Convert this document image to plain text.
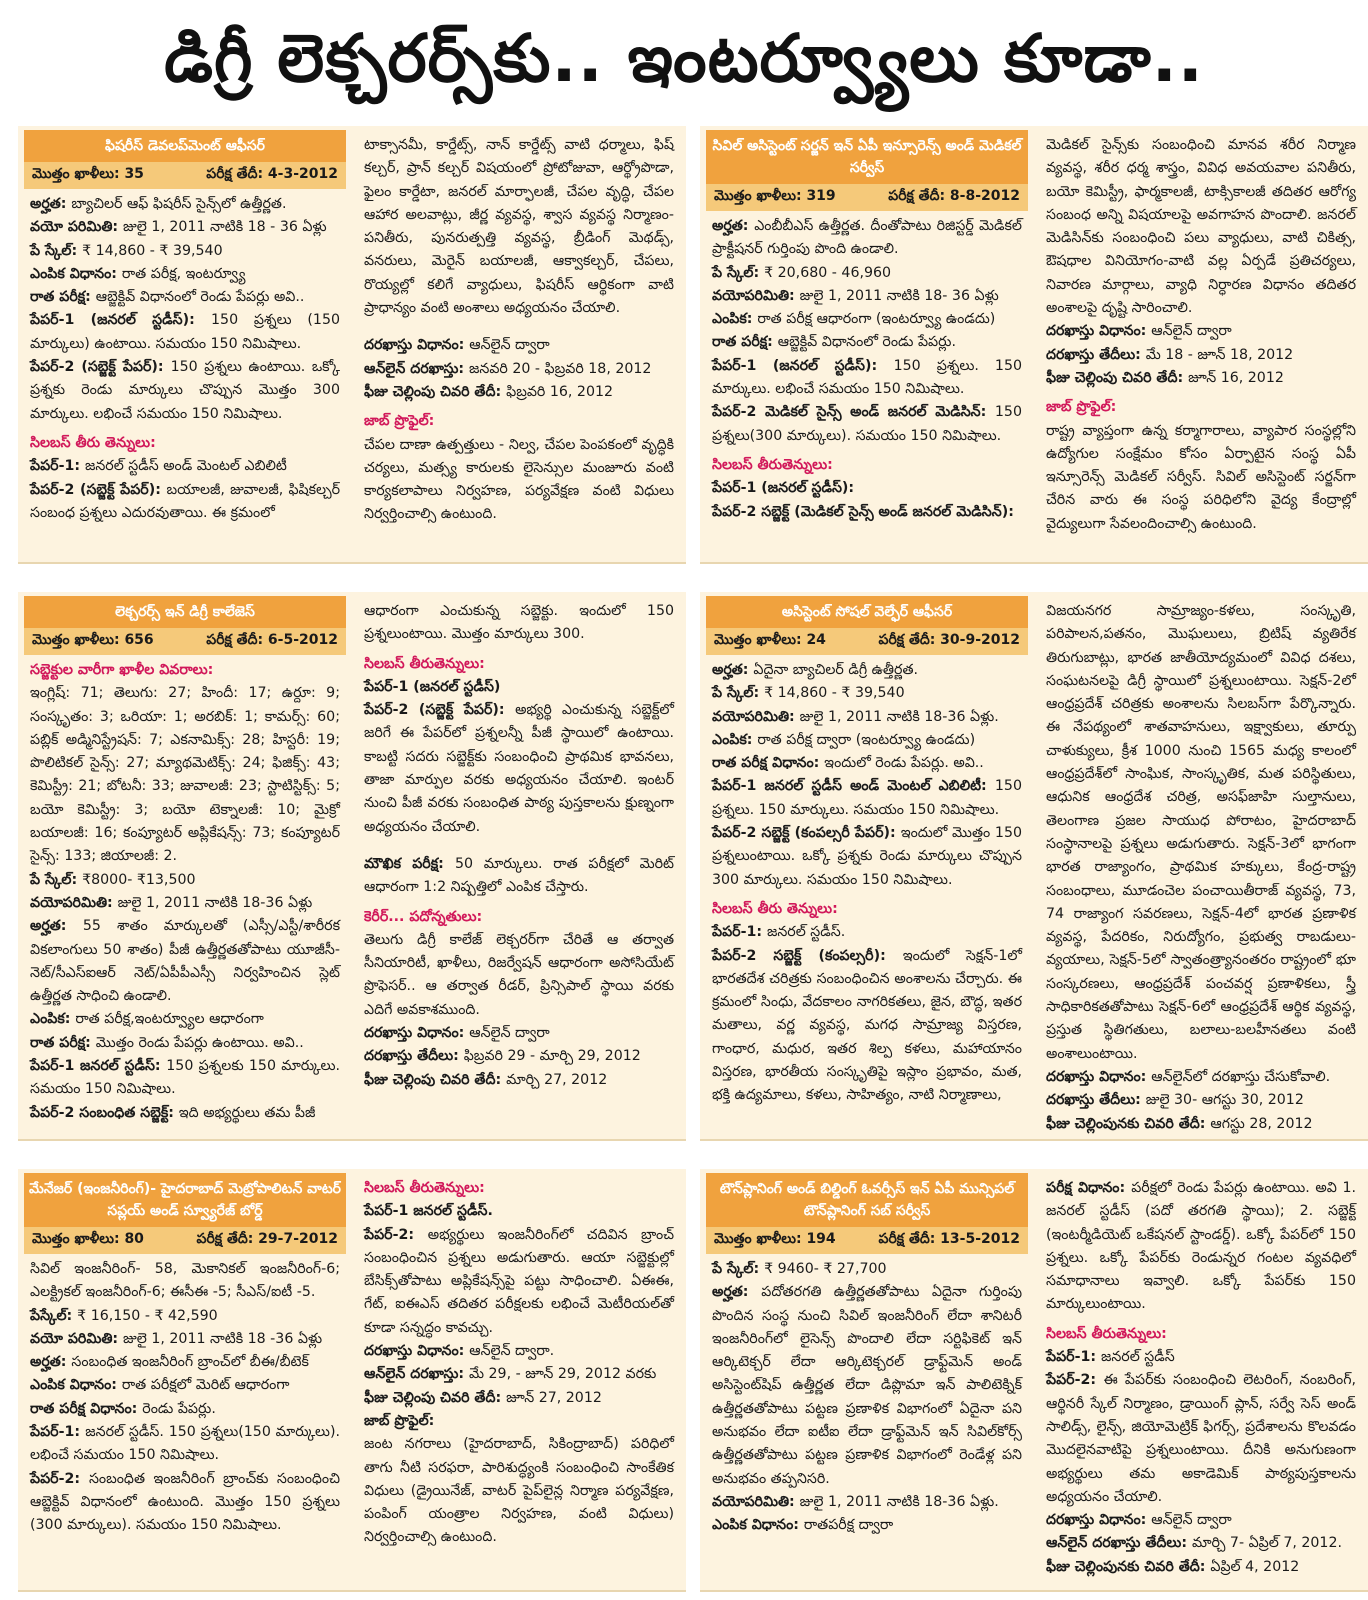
డిగ్రీ లెక్చరర్స్‌కు.. ఇంటర్వ్యూలు కూడా..
ఫిషరీస్ డెవలప్‌మెంట్ ఆఫీసర్
మొత్తం ఖాళీలు: 35	పరీక్ష తేదీ: 4-3-2012

అర్హత: బ్యాచిలర్ ఆఫ్ ఫిషరీస్ సైన్స్‌లో ఉత్తీర్ణత.

వయో పరిమితి: జులై 1, 2011 నాటికి 18 - 36 ఏళ్లు

పే స్కేల్: ₹ 14,860 - ₹ 39,540

ఎంపిక విధానం: రాత పరీక్ష, ఇంటర్వ్యూ

రాత పరీక్ష: ఆబ్జెక్టివ్ విధానంలో రెండు పేపర్లు అవి..

పేపర్-1 (జనరల్ స్టడీస్): 150 ప్రశ్నలు (150 మార్కులు) ఉంటాయి. సమయం 150 నిమిషాలు.

పేపర్-2 (సబ్జెక్ట్ పేపర్): 150 ప్రశ్నలు ఉంటాయి. ఒక్కో ప్రశ్నకు రెండు మార్కులు చొప్పున మొత్తం 300 మార్కులు. లభించే సమయం 150 నిమిషాలు.

సిలబస్ తీరు తెన్నులు:

పేపర్-1: జనరల్ స్టడీస్ అండ్ మెంటల్ ఎబిలిటీ

పేపర్-2 (సబ్జెక్ట్ పేపర్): బయాలజీ, జువాలజీ, ఫిషికల్చర్ సంబంధ ప్రశ్నలు ఎదురవుతాయి. ఈ క్రమంలో

టాక్సానమీ, కార్డేట్స్, నాన్ కార్డేట్స్ వాటి ధర్మాలు, ఫిష్ కల్చర్, ప్రాన్ కల్చర్ విషయంలో ప్రోటోజువా, ఆర్థ్రోపొడా, ఫైలం కార్డేటా, జనరల్ మార్ఫాలజీ, చేపల వృద్ధి, చేపల ఆహార అలవాట్లు, జీర్ణ వ్యవస్థ, శ్వాస వ్యవస్థ నిర్మాణం-పనితీరు, పునరుత్పత్తి వ్యవస్థ, బ్రీడింగ్ మెథడ్స్, వనరులు, మెరైన్ బయాలజీ, ఆక్వాకల్చర్, చేపలు, రొయ్యల్లో కలిగే వ్యాధులు, ఫిషరీస్ ఆర్థికంగా వాటి ప్రాధాన్యం వంటి అంశాలు అధ్యయనం చేయాలి.

దరఖాస్తు విధానం: ఆన్‌లైన్ ద్వారా

ఆన్‌లైన్ దరఖాస్తు: జనవరి 20 - ఫిబ్రవరి 18, 2012

ఫీజు చెల్లింపు చివరి తేదీ: ఫిబ్రవరి 16, 2012

జాబ్ ప్రొఫైల్:

చేపల దాణా ఉత్పత్తులు - నిల్వ, చేపల పెంపకంలో వృద్ధికి చర్యలు, మత్స్య కారులకు లైసెన్సుల మంజూరు వంటి కార్యకలాపాలు నిర్వహణ, పర్యవేక్షణ వంటి విధులు నిర్వర్తించాల్సి ఉంటుంది.

సివిల్ అసిస్టెంట్ సర్జన్ ఇన్ ఏపీ ఇన్సూరెన్స్ అండ్ మెడికల్ సర్వీస్
మొత్తం ఖాళీలు: 319	పరీక్ష తేదీ: 8-8-2012

అర్హత: ఎంబీబీఎస్ ఉత్తీర్ణత. దీంతోపాటు రిజిస్టర్డ్ మెడికల్ ప్రాక్టీషనర్ గుర్తింపు పొంది ఉండాలి.

పే స్కేల్: ₹ 20,680 - 46,960

వయోపరిమితి: జులై 1, 2011 నాటికి 18- 36 ఏళ్లు

ఎంపిక: రాత పరీక్ష ఆధారంగా (ఇంటర్వ్యూ ఉండదు)

రాత పరీక్ష: ఆబ్జెక్టివ్ విధానంలో రెండు పేపర్లు.

పేపర్-1 (జనరల్ స్టడీస్): 150 ప్రశ్నలు. 150 మార్కులు. లభించే సమయం 150 నిమిషాలు.

పేపర్-2 మెడికల్ సైన్స్ అండ్ జనరల్ మెడిసిన్: 150 ప్రశ్నలు(300 మార్కులు). సమయం 150 నిమిషాలు.

సిలబస్ తీరుతెన్నులు:

పేపర్-1 (జనరల్ స్టడీస్):

పేపర్-2 సబ్జెక్ట్ (మెడికల్ సైన్స్ అండ్ జనరల్ మెడిసిన్):

మెడికల్ సైన్స్‌కు సంబంధించి మానవ శరీర నిర్మాణ వ్యవస్థ, శరీర ధర్మ శాస్త్రం, వివిధ అవయవాల పనితీరు, బయో కెమిస్ట్రీ, ఫార్మకాలజీ, టాక్సికాలజీ తదితర ఆరోగ్య సంబంధ అన్ని విషయాలపై అవగాహన పొందాలి. జనరల్ మెడిసిన్‌కు సంబంధించి పలు వ్యాధులు, వాటి చికిత్స, ఔషధాల వినియోగం-వాటి వల్ల ఏర్పడే ప్రతిచర్యలు, నివారణ మార్గాలు, వ్యాధి నిర్ధారణ విధానం తదితర అంశాలపై దృష్టి సారించాలి.

దరఖాస్తు విధానం: ఆన్‌లైన్ ద్వారా

దరఖాస్తు తేదీలు: మే 18 - జూన్ 18, 2012

ఫీజు చెల్లింపు చివరి తేదీ: జూన్ 16, 2012

జాబ్ ప్రొఫైల్:

రాష్ట్ర వ్యాప్తంగా ఉన్న కర్మాగారాలు, వ్యాపార సంస్థల్లోని ఉద్యోగుల సంక్షేమం కోసం ఏర్పాటైన సంస్థ ఏపీ ఇన్సూరెన్స్ మెడికల్ సర్వీస్. సివిల్ అసిస్టెంట్ సర్జన్‌గా చేరిన వారు ఈ సంస్థ పరిధిలోని వైద్య కేంద్రాల్లో వైద్యులుగా సేవలందించాల్సి ఉంటుంది.

లెక్చరర్స్ ఇన్ డిగ్రీ కాలేజెస్
మొత్తం ఖాళీలు: 656	పరీక్ష తేదీ: 6-5-2012

సబ్జెక్టుల వారీగా ఖాళీల వివరాలు:

ఇంగ్లిష్: 71; తెలుగు: 27; హిందీ: 17; ఉర్దూ: 9; సంస్కృతం: 3; ఒరియా: 1; అరబిక్: 1; కామర్స్: 60; పబ్లిక్ అడ్మినిస్ట్రేషన్: 7; ఎకనామిక్స్: 28; హిస్టరీ: 19; పొలిటికల్ సైన్స్: 27; మ్యాథమెటిక్స్: 24; ఫిజిక్స్: 43; కెమిస్ట్రీ: 21; బోటనీ: 33; జువాలజీ: 23; స్టాటిస్టిక్స్: 5; బయో కెమిస్ట్రీ: 3; బయో టెక్నాలజీ: 10; మైక్రో బయాలజీ: 16; కంప్యూటర్ అప్లికేషన్స్: 73; కంప్యూటర్ సైన్స్: 133; జియాలజీ: 2.

పే స్కేల్: ₹8000- ₹13,500

వయోపరిమితి: జులై 1, 2011 నాటికి 18-36 ఏళ్లు

అర్హత: 55 శాతం మార్కులతో (ఎస్సీ/ఎస్టీ/శారీరక వికలాంగులు 50 శాతం) పీజీ ఉత్తీర్ణతతోపాటు యూజీసీ-నెట్/సీఎస్ఐఆర్ నెట్/ఏపీపీఎస్సీ నిర్వహించిన స్లెట్ ఉత్తీర్ణత సాధించి ఉండాలి.

ఎంపిక: రాత పరీక్ష,ఇంటర్వ్యూల ఆధారంగా

రాత పరీక్ష: మొత్తం రెండు పేపర్లు ఉంటాయి. అవి..

పేపర్-1 జనరల్ స్టడీస్: 150 ప్రశ్నలకు 150 మార్కులు. సమయం 150 నిమిషాలు.

పేపర్-2 సంబంధిత సబ్జెక్ట్: ఇది అభ్యర్థులు తమ పీజీ

ఆధారంగా ఎంచుకున్న సబ్జెక్టు. ఇందులో 150 ప్రశ్నలుంటాయి. మొత్తం మార్కులు 300.

సిలబస్ తీరుతెన్నులు:

పేపర్-1 (జనరల్ స్టడీస్)

పేపర్-2 (సబ్జెక్ట్ పేపర్): అభ్యర్థి ఎంచుకున్న సబ్జెక్ట్‌లో జరిగే ఈ పేపర్‌లో ప్రశ్నలన్నీ పీజీ స్థాయిలో ఉంటాయి. కాబట్టి సదరు సబ్జెక్ట్‌కు సంబంధించి ప్రాథమిక భావనలు, తాజా మార్పుల వరకు అధ్యయనం చేయాలి. ఇంటర్ నుంచి పీజీ వరకు సంబంధిత పాఠ్య పుస్తకాలను క్షుణ్నంగా అధ్యయనం చేయాలి.

మౌఖిక పరీక్ష: 50 మార్కులు. రాత పరీక్షలో మెరిట్ ఆధారంగా 1:2 నిష్పత్తిలో ఎంపిక చేస్తారు.

కెరీర్... పదోన్నతులు:

తెలుగు డిగ్రీ కాలేజ్ లెక్చరర్‌గా చేరితే ఆ తర్వాత సీనియారిటీ, ఖాళీలు, రిజర్వేషన్ ఆధారంగా అసోసియేట్ ప్రొఫెసర్.. ఆ తర్వాత రీడర్, ప్రిన్సిపాల్ స్థాయి వరకు ఎదిగే అవకాశముంది.

దరఖాస్తు విధానం: ఆన్‌లైన్ ద్వారా

దరఖాస్తు తేదీలు: ఫిబ్రవరి 29 - మార్చి 29, 2012

ఫీజు చెల్లింపు చివరి తేదీ: మార్చి 27, 2012

అసిస్టెంట్ సోషల్ వెల్ఫేర్ ఆఫీసర్
మొత్తం ఖాళీలు: 24	పరీక్ష తేదీ: 30-9-2012

అర్హత: ఏదైనా బ్యాచిలర్ డిగ్రీ ఉత్తీర్ణత.

పే స్కేల్: ₹ 14,860 - ₹ 39,540

వయోపరిమితి: జులై 1, 2011 నాటికి 18-36 ఏళ్లు.

ఎంపిక: రాత పరీక్ష ద్వారా (ఇంటర్వ్యూ ఉండదు)

రాత పరీక్ష విధానం: ఇందులో రెండు పేపర్లు. అవి..

పేపర్-1 జనరల్ స్టడీస్ అండ్ మెంటల్ ఎబిలిటీ: 150 ప్రశ్నలు. 150 మార్కులు. సమయం 150 నిమిషాలు.

పేపర్-2 సబ్జెక్ట్ (కంపల్సరీ పేపర్): ఇందులో మొత్తం 150 ప్రశ్నలుంటాయి. ఒక్కో ప్రశ్నకు రెండు మార్కులు చొప్పున 300 మార్కులు. సమయం 150 నిమిషాలు.

సిలబస్ తీరు తెన్నులు:

పేపర్-1: జనరల్ స్టడీస్.

పేపర్-2 సబ్జెక్ట్ (కంపల్సరీ): ఇందులో సెక్షన్-1లో భారతదేశ చరిత్రకు సంబంధించిన అంశాలను చేర్చారు. ఈ క్రమంలో సింధు, వేదకాలం నాగరికతలు, జైన, బౌద్ధ, ఇతర మతాలు, వర్ణ వ్యవస్థ, మగధ సామ్రాజ్య విస్తరణ, గాంధార, మధుర, ఇతర శిల్ప కళలు, మహాయానం విస్తరణ, భారతీయ సంస్కృతిపై ఇస్లాం ప్రభావం, మత, భక్తి ఉద్యమాలు, కళలు, సాహిత్యం, నాటి నిర్మాణాలు,

విజయనగర సామ్రాజ్యం-కళలు, సంస్కృతి, పరిపాలన,పతనం, మొఘలులు, బ్రిటిష్ వ్యతిరేక తిరుగుబాట్లు, భారత జాతీయోద్యమంలో వివిధ దశలు, సంఘటనలపై డిగ్రీ స్థాయిలో ప్రశ్నలుంటాయి. సెక్షన్-2లో ఆంధ్రప్రదేశ్ చరిత్రకు అంశాలను సిలబస్‌గా పేర్కొన్నారు. ఈ నేపథ్యంలో శాతవాహనులు, ఇక్ష్వాకులు, తూర్పు చాళుక్యులు, క్రీశ 1000 నుంచి 1565 మధ్య కాలంలో ఆంధ్రప్రదేశ్‌లో సాంఘిక, సాంస్కృతిక, మత పరిస్థితులు, ఆధునిక ఆంధ్రదేశ చరిత్ర, అసఫ్‌జాహి సుల్తానులు, తెలంగాణ ప్రజల సాయుధ పోరాటం, హైదరాబాద్ సంస్థానాలపై ప్రశ్నలు అడుగుతారు. సెక్షన్-3లో భాగంగా భారత రాజ్యాంగం, ప్రాథమిక హక్కులు, కేంద్ర-రాష్ట్ర సంబంధాలు, మూడంచెల పంచాయితీరాజ్ వ్యవస్థ, 73, 74 రాజ్యాంగ సవరణలు, సెక్షన్-4లో భారత ప్రణాళిక వ్యవస్థ, పేదరికం, నిరుద్యోగం, ప్రభుత్వ రాబడులు-వ్యయాలు, సెక్షన్-5లో స్వాతంత్ర్యానంతరం రాష్ట్రంలో భూ సంస్కరణలు, ఆంధ్రప్రదేశ్ పంచవర్ష ప్రణాళికలు, స్త్రీ సాధికారికతతోపాటు సెక్షన్-6లో ఆంధ్రప్రదేశ్ ఆర్థిక వ్యవస్థ, ప్రస్తుత స్థితిగతులు, బలాలు-బలహీనతలు వంటి అంశాలుంటాయి.

దరఖాస్తు విధానం: ఆన్‌లైన్‌లో దరఖాస్తు చేసుకోవాలి.

దరఖాస్తు తేదీలు: జులై 30- ఆగస్టు 30, 2012

ఫీజు చెల్లింపునకు చివరి తేదీ: ఆగస్టు 28, 2012

మేనేజర్ (ఇంజనీరింగ్)- హైదరాబాద్ మెట్రోపాలిటన్ వాటర్ సప్లయ్ అండ్ స్వ్యూరేజ్ బోర్డ్
మొత్తం ఖాళీలు: 80	పరీక్ష తేదీ: 29-7-2012

సివిల్ ఇంజనీరింగ్- 58, మెకానికల్ ఇంజనీరింగ్-6; ఎలక్ట్రికల్ ఇంజనీరింగ్-6; ఈసీఈ -5; సీఎస్/ఐటీ -5.

పేస్కేల్: ₹ 16,150 - ₹ 42,590

వయో పరిమితి: జులై 1, 2011 నాటికి 18 -36 ఏళ్లు

అర్హత: సంబంధిత ఇంజనీరింగ్ బ్రాంచ్‌లో బీఈ/బీటెక్

ఎంపిక విధానం: రాత పరీక్షలో మెరిట్ ఆధారంగా

రాత పరీక్ష విధానం: రెండు పేపర్లు.

పేపర్-1: జనరల్ స్టడీస్. 150 ప్రశ్నలు(150 మార్కులు). లభించే సమయం 150 నిమిషాలు.

పేపర్-2: సంబంధిత ఇంజనీరింగ్ బ్రాంచ్‌కు సంబంధించి ఆబ్జెక్టివ్ విధానంలో ఉంటుంది. మొత్తం 150 ప్రశ్నలు (300 మార్కులు). సమయం 150 నిమిషాలు.

సిలబస్ తీరుతెన్నులు:

పేపర్-1 జనరల్ స్టడీస్.

పేపర్-2: అభ్యర్థులు ఇంజనీరింగ్‌లో చదివిన బ్రాంచ్ సంబంధించిన ప్రశ్నలు అడుగుతారు. ఆయా సబ్జెక్టుల్లో బేసిక్స్‌తోపాటు అప్లికేషన్స్‌పై పట్టు సాధించాలి. ఏఈఈ, గేట్, ఐఈఎస్ తదితర పరీక్షలకు లభించే మెటీరియల్‌తో కూడా సన్నద్ధం కావచ్చు.

దరఖాస్తు విధానం: ఆన్‌లైన్ ద్వారా.

ఆన్‌లైన్ దరఖాస్తు: మే 29, - జూన్ 29, 2012 వరకు

ఫీజు చెల్లింపు చివరి తేదీ: జూన్ 27, 2012

జాబ్ ప్రొఫైల్:

జంట నగరాలు (హైదరాబాద్, సికింద్రాబాద్) పరిధిలో తాగు నీటి సరఫరా, పారిశుద్ధ్యంకి సంబంధించి సాంకేతిక విధులు (డ్రైయినేజ్, వాటర్ పైప్‌లైన్ల నిర్మాణ పర్యవేక్షణ, పంపింగ్ యంత్రాల నిర్వహణ, వంటి విధులు) నిర్వర్తించాల్సి ఉంటుంది.

టౌన్‌ప్లానింగ్ అండ్ బిల్డింగ్ ఓవర్సీస్ ఇన్ ఏపీ మున్సిపల్ టౌన్‌ప్లానింగ్ సబ్ సర్వీస్
మొత్తం ఖాళీలు: 194	పరీక్ష తేదీ: 13-5-2012

పే స్కేల్: ₹ 9460- ₹ 27,700

అర్హత: పదోతరగతి ఉత్తీర్ణతతోపాటు ఏదైనా గుర్తింపు పొందిన సంస్థ నుంచి సివిల్ ఇంజనీరింగ్ లేదా శానిటరీ ఇంజనీరింగ్‌లో లైసెన్స్ పొందాలి లేదా సర్టిఫికెట్ ఇన్ ఆర్కిటెక్చర్ లేదా ఆర్కిటెక్చరల్ డ్రాఫ్ట్‌మెన్ అండ్ అసిస్టెంట్‌షిప్ ఉత్తీర్ణత లేదా డిప్లొమా ఇన్ పాలిటెక్నిక్ ఉత్తీర్ణతతోపాటు పట్టణ ప్రణాళిక విభాగంలో ఏదైనా పని అనుభవం లేదా ఐటీఐ లేదా డ్రాఫ్ట్‌మెన్ ఇన్ సివిల్‌కోర్స్ ఉత్తీర్ణతతోపాటు పట్టణ ప్రణాళిక విభాగంలో రెండేళ్ల పని అనుభవం తప్పనిసరి.

వయోపరిమితి: జులై 1, 2011 నాటికి 18-36 ఏళ్లు.

ఎంపిక విధానం: రాతపరీక్ష ద్వారా

పరీక్ష విధానం: పరీక్షలో రెండు పేపర్లు ఉంటాయి. అవి 1. జనరల్ స్టడీస్ (పదో తరగతి స్థాయి); 2. సబ్జెక్ట్ (ఇంటర్మీడియెట్ ఒకేషనల్ స్టాండర్డ్). ఒక్కో పేపర్‌లో 150 ప్రశ్నలు. ఒక్కో పేపర్‌కు రెండున్నర గంటల వ్యవధిలో సమాధానాలు ఇవ్వాలి. ఒక్కో పేపర్‌కు 150 మార్కులుంటాయి.

సిలబస్ తీరుతెన్నులు:

పేపర్-1: జనరల్ స్టడీస్

పేపర్-2: ఈ పేపర్‌కు సంబంధించి లెటరింగ్, నంబరింగ్, ఆర్థినరీ స్కేల్ నిర్మాణం, డ్రాయింగ్ ప్లాన్, సర్వే సెస్ అండ్ సాలిడ్స్, లైన్స్, జియోమెట్రిక్ ఫిగర్స్, ప్రదేశాలను కొలవడం మొదలైనవాటిపై ప్రశ్నలుంటాయి. దీనికి అనుగుణంగా అభ్యర్థులు తమ అకాడెమిక్ పాఠ్యపుస్తకాలను అధ్యయనం చేయాలి.

దరఖాస్తు విధానం: ఆన్‌లైన్ ద్వారా

ఆన్‌లైన్ దరఖాస్తు తేదీలు: మార్చి 7- ఏప్రిల్ 7, 2012.

ఫీజు చెల్లింపునకు చివరి తేదీ: ఏప్రిల్ 4, 2012
